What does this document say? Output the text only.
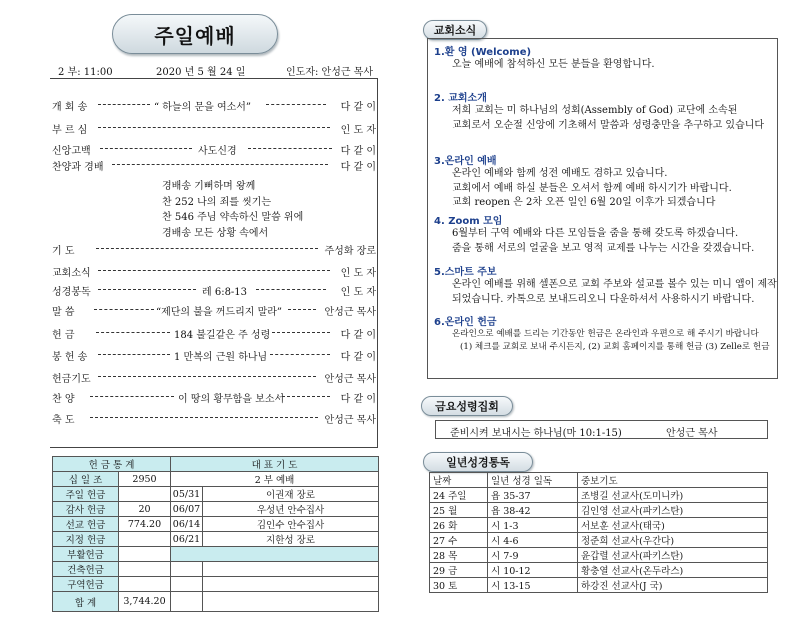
주일예배
2 부: 11:00	2020 년 5 월 24 일	인도자: 안성근 목사
개 회 송	“ 하늘의 문을 여소서”	다 같 이
부 르 심	인 도 자
신앙고백	사도신경	다 같 이
찬양과 경배	다 같 이
경배송 기뻐하며 왕께
찬 252 나의 죄를 씻기는
찬 546 주님 약속하신 말씀 위에
경배송 모든 상황 속에서
기 도	주성화 장로
교회소식	인 도 자
성경봉독	레 6:8-13	인 도 자
말 씀	“제단의 불을 꺼드리지 말라”	안성근 목사
헌 금	184 불길같은 주 성령	다 같 이
봉 헌 송	1 만복의 근원 하나님	다 같 이
헌금기도	안성근 목사
찬 양	이 땅의 황무함을 보소서	다 같 이
축 도	안성근 목사
헌 금 통 계		대 표 기 도	
십 일 조	2950	2 부 예배	
주일 헌금		05/31	이권재 장로
감사 헌금	20	06/07	우성년 안수집사
선교 헌금	774.20	06/14	김인수 안수집사
지정 헌금		06/21	지한성 장로
부활헌금			
건축헌금			
구역헌금			
합 계	3,744.20		
교회소식
1.환 영 (Welcome)
오늘 예배에 참석하신 모든 분들을 환영합니다.
2. 교회소개
저희 교회는 미 하나님의 성회(Assembly of God) 교단에 소속된
교회로서 오순절 신앙에 기초해서 말씀과 성령충만을 추구하고 있습니다
3.온라인 예배
온라인 예배와 함께 성전 예배도 겸하고 있습니다.
교회에서 예배 하실 분들은 오셔서 함께 예배 하시기가 바랍니다.
교회 reopen 은 2차 오픈 일인 6월 20일 이후가 되겠습니다
4. Zoom 모임
6월부터 구역 예배와 다른 모임들을 줌을 통해 갖도록 하겠습니다.
줌을 통해 서로의 얼굴을 보고 영적 교제를 나누는 시간을 갖겠습니다.
5.스마트 주보
온라인 예배를 위해 셀폰으로 교회 주보와 설교를 볼수 있는 미니 앱이 제작
되었습니다. 카톡으로 보내드리오니 다운하셔서 사용하시기 바랍니다.
6.온라인 헌금
온라인으로 예배를 드리는 기간동안 헌금은 온라인과 우편으로 해 주시기 바랍니다
(1) 체크를 교회로 보내 주시든지, (2) 교회 홈페이지를 통해 헌금 (3) Zelle로 헌금
금요성령집회
준비시켜 보내시는 하나님(마 10:1-15)	안성근 목사
일년성경통독
날짜	일년 성경 일독	중보기도
24 주일	욥 35-37	조병길 선교사(도미니카)
25 월	욥 38-42	김인영 선교사(파키스탄)
26 화	시 1-3	서보훈 선교사(태국)
27 수	시 4-6	정준희 선교사(우간다)
28 목	시 7-9	윤갑렬 선교사(파키스탄)
29 금	시 10-12	황충열 선교사(온두라스)
30 토	시 13-15	하강진 선교사(J 국)
